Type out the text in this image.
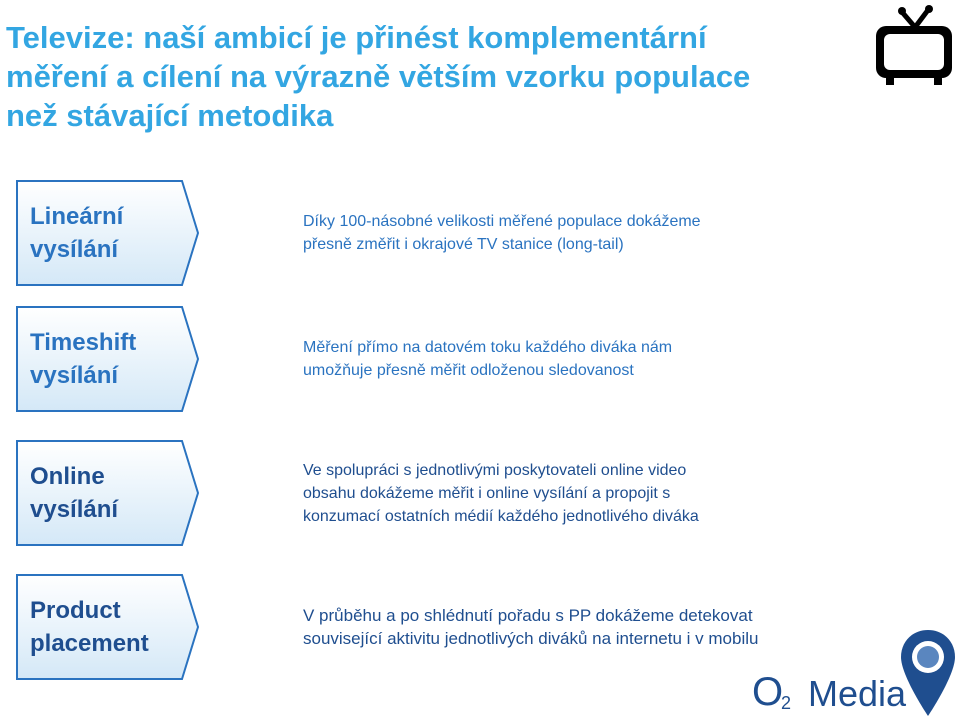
Televize: naší ambicí je přinést komplementární
měření a cílení na výrazně větším vzorku populace
než stávající metodika
Lineární
vysílání
Díky 100-násobné velikosti měřené populace dokážeme
přesně změřit i okrajové TV stanice (long-tail)
Timeshift
vysílání
Měření přímo na datovém toku každého diváka nám
umožňuje přesně měřit odloženou sledovanost
Online
vysílání
Ve spolupráci s jednotlivými poskytovateli online video
obsahu dokážeme měřit i online vysílání a propojit s
konzumací ostatních médií každého jednotlivého diváka
Product
placement
V průběhu a po shlédnutí pořadu s PP dokážeme detekovat
související aktivitu jednotlivých diváků na internetu i v mobilu
O
2 Media
